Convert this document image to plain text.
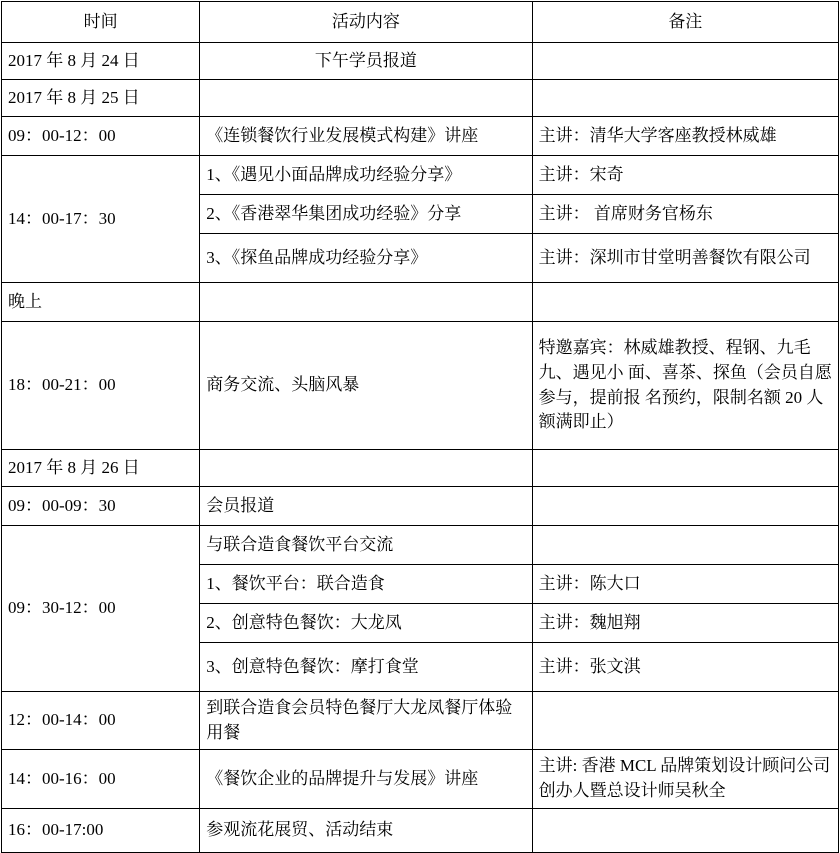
时间	活动内容	备注
2017 年 8 月 24 日	下午学员报道	
2017 年 8 月 25 日		
09：00-12：00	《连锁餐饮行业发展模式构建》讲座	主讲：清华大学客座教授林威雄
14：00-17：30	1、《遇见小面品牌成功经验分享》	主讲：宋奇
	2、《香港翠华集团成功经验》分享	主讲： 首席财务官杨东
	3、《探鱼品牌成功经验分享》	主讲：深圳市甘堂明善餐饮有限公司
晚上		
18：00-21：00	商务交流、头脑风暴	特邀嘉宾：林威雄教授、程钢、九毛九、遇见小 面、喜茶、探鱼（会员自愿参与，提前报 名预约，限制名额 20 人额满即止）
2017 年 8 月 26 日		
09：00-09：30	会员报道	
09：30-12：00	与联合造食餐饮平台交流	
	1、餐饮平台：联合造食	主讲：陈大口
	2、创意特色餐饮：大龙凤	主讲：魏旭翔
	3、创意特色餐饮：摩打食堂	主讲：张文淇
12：00-14：00	到联合造食会员特色餐厅大龙凤餐厅体验用餐	
14：00-16：00	《餐饮企业的品牌提升与发展》讲座	主讲: 香港 MCL 品牌策划设计顾问公司创办人暨总设计师吴秋全
16：00-17:00	参观流花展贸、活动结束	
